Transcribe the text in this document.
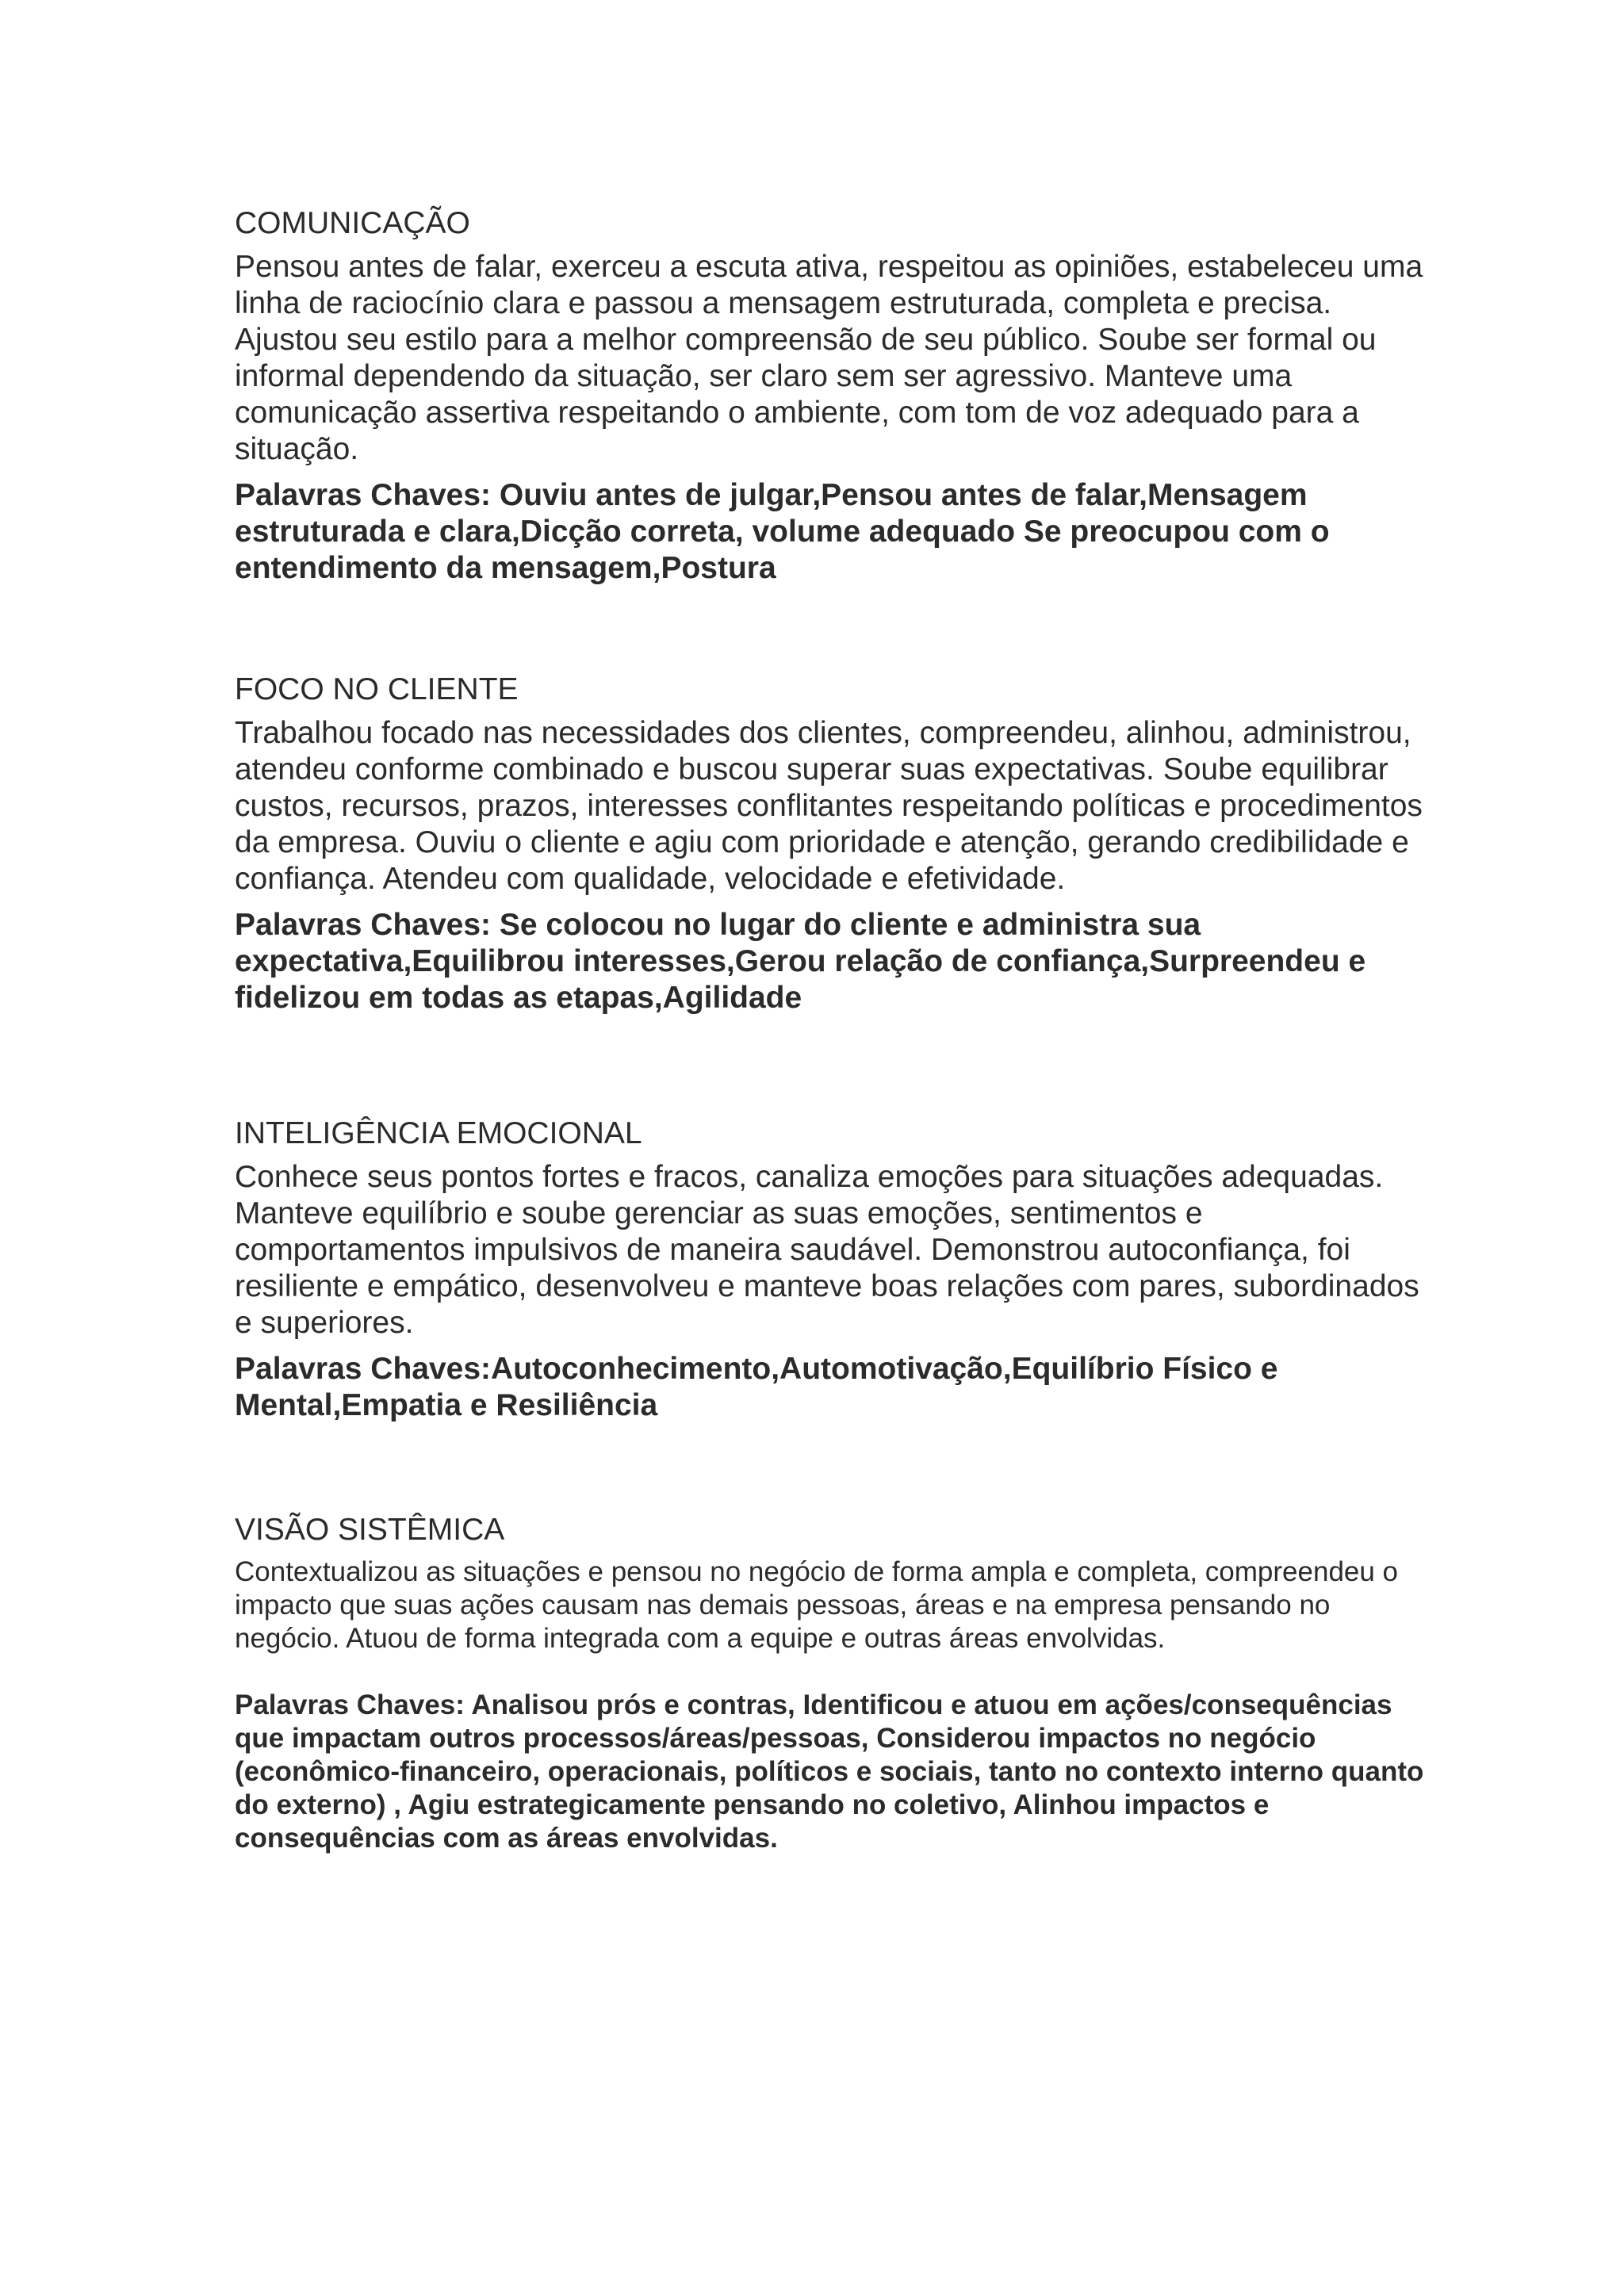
COMUNICAÇÃO

Pensou antes de falar, exerceu a escuta ativa, respeitou as opiniões, estabeleceu uma linha de raciocínio clara e passou a mensagem estruturada, completa e precisa. Ajustou seu estilo para a melhor compreensão de seu público. Soube ser formal ou informal dependendo da situação, ser claro sem ser agressivo. Manteve uma comunicação assertiva respeitando o ambiente, com tom de voz adequado para a situação.

Palavras Chaves: Ouviu antes de julgar,Pensou antes de falar,Mensagem estruturada e clara,Dicção correta, volume adequado Se preocupou com o entendimento da mensagem,Postura

FOCO NO CLIENTE

Trabalhou focado nas necessidades dos clientes, compreendeu, alinhou, administrou, atendeu conforme combinado e buscou superar suas expectativas. Soube equilibrar custos, recursos, prazos, interesses conflitantes respeitando políticas e procedimentos da empresa. Ouviu o cliente e agiu com prioridade e atenção, gerando credibilidade e confiança. Atendeu com qualidade, velocidade e efetividade.

Palavras Chaves: Se colocou no lugar do cliente e administra sua expectativa,Equilibrou interesses,Gerou relação de confiança,Surpreendeu e fidelizou em todas as etapas,Agilidade

INTELIGÊNCIA EMOCIONAL

Conhece seus pontos fortes e fracos, canaliza emoções para situações adequadas. Manteve equilíbrio e soube gerenciar as suas emoções, sentimentos e comportamentos impulsivos de maneira saudável. Demonstrou autoconfiança, foi resiliente e empático, desenvolveu e manteve boas relações com pares, subordinados e superiores.

Palavras Chaves:Autoconhecimento,Automotivação,Equilíbrio Físico e Mental,Empatia e Resiliência

VISÃO SISTÊMICA

Contextualizou as situações e pensou no negócio de forma ampla e completa, compreendeu o impacto que suas ações causam nas demais pessoas, áreas e na empresa pensando no negócio. Atuou de forma integrada com a equipe e outras áreas envolvidas.

Palavras Chaves: Analisou prós e contras, Identificou e atuou em ações/consequências que impactam outros processos/áreas/pessoas, Considerou impactos no negócio (econômico-financeiro, operacionais, políticos e sociais, tanto no contexto interno quanto do externo) , Agiu estrategicamente pensando no coletivo, Alinhou impactos e consequências com as áreas envolvidas.
